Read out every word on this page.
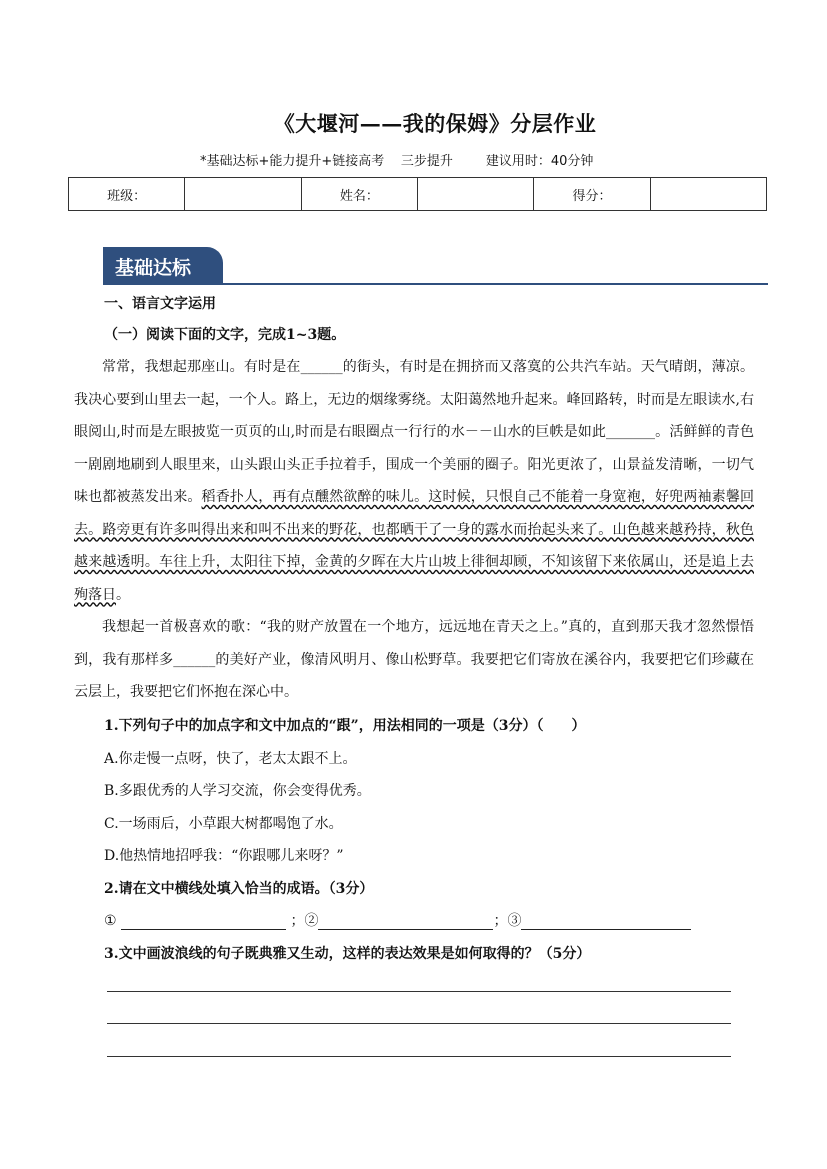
《大堰河——我的保姆》分层作业
*基础达标+能力提升+链接高考    三步提升        建议用时：40分钟
班级：		姓名：		得分：	
基础达标
一、语言文字运用
（一）阅读下面的文字，完成1~3题。
常常，我想起那座山。有时是在______的街头，有时是在拥挤而又落寞的公共汽车站。天气晴朗，薄凉。我决心要到山里去一起，一个人。路上，无边的烟缘雾绕。太阳蔼然地升起来。峰回路转，时而是左眼读水,右眼阅山,时而是左眼披览一页页的山,时而是右眼圈点一行行的水－－山水的巨帙是如此_______。活鲜鲜的青色一剧剧地刷到人眼里来，山头跟山头正手拉着手，围成一个美丽的圈子。阳光更浓了，山景益发清晰，一切气味也都被蒸发出来。稻香扑人，再有点醺然欲醉的味儿。这时候，只恨自己不能着一身宽袍，好兜两袖素馨回去。路旁更有许多叫得出来和叫不出来的野花，也都晒干了一身的露水而抬起头来了。山色越来越矜持，秋色越来越透明。车往上升，太阳往下掉，金黄的夕晖在大片山坡上徘徊却顾，不知该留下来依属山，还是追上去殉落日。
我想起一首极喜欢的歌：“我的财产放置在一个地方，远远地在青天之上。”真的，直到那天我才忽然憬悟到，我有那样多______的美好产业，像清风明月、像山松野草。我要把它们寄放在溪谷内，我要把它们珍藏在云层上，我要把它们怀抱在深心中。
1.下列句子中的加点字和文中加点的“跟”，用法相同的一项是（3分）（　　）
A.你走慢一点呀，快了，老太太跟不上。
B.多跟优秀的人学习交流，你会变得优秀。
C.一场雨后，小草跟大树都喝饱了水。
D.他热情地招呼我：“你跟哪儿来呀？”
2.请在文中横线处填入恰当的成语。（3分）
①	；②	；③
3.文中画波浪线的句子既典雅又生动，这样的表达效果是如何取得的？（5分）
